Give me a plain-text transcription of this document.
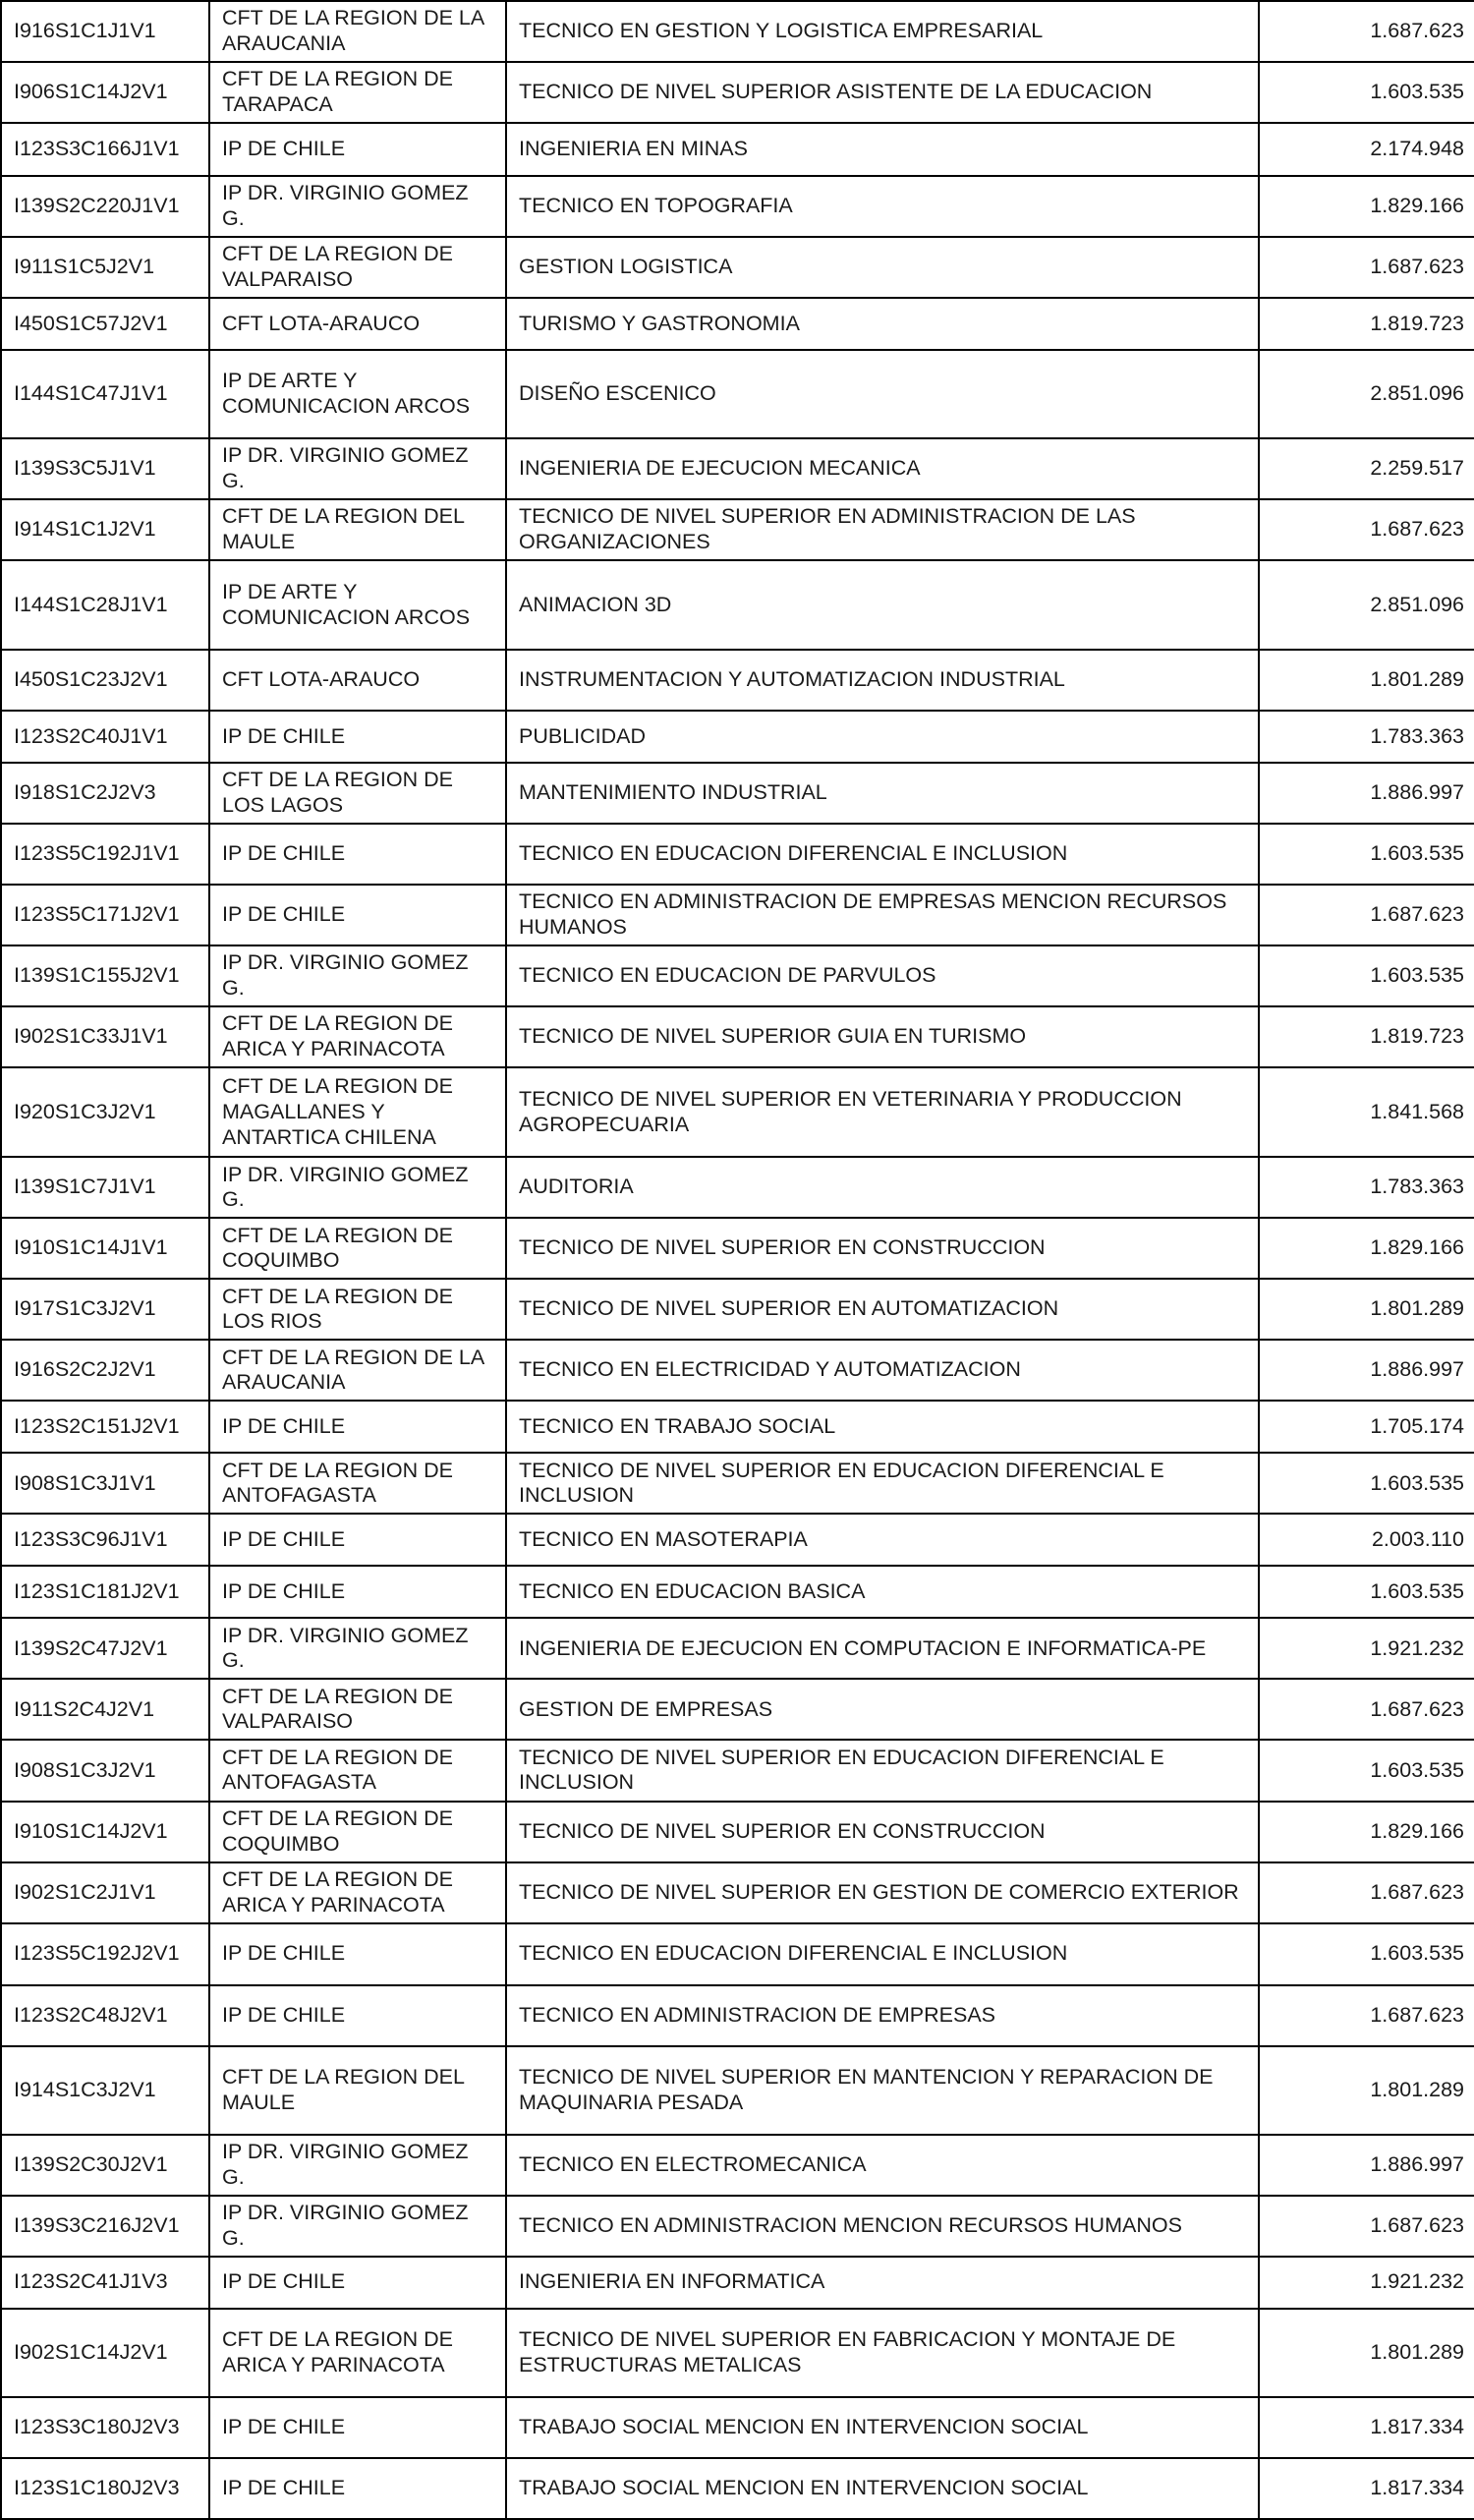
I916S1C1J1V1	CFT DE LA REGION DE LA ARAUCANIA	TECNICO EN GESTION Y LOGISTICA EMPRESARIAL	1.687.623
I906S1C14J2V1	CFT DE LA REGION DE TARAPACA	TECNICO DE NIVEL SUPERIOR ASISTENTE DE LA EDUCACION	1.603.535
I123S3C166J1V1	IP DE CHILE	INGENIERIA EN MINAS	2.174.948
I139S2C220J1V1	IP DR. VIRGINIO GOMEZ G.	TECNICO EN TOPOGRAFIA	1.829.166
I911S1C5J2V1	CFT DE LA REGION DE VALPARAISO	GESTION LOGISTICA	1.687.623
I450S1C57J2V1	CFT LOTA-ARAUCO	TURISMO Y GASTRONOMIA	1.819.723
I144S1C47J1V1	IP DE ARTE Y COMUNICACION ARCOS	DISEÑO ESCENICO	2.851.096
I139S3C5J1V1	IP DR. VIRGINIO GOMEZ G.	INGENIERIA DE EJECUCION MECANICA	2.259.517
I914S1C1J2V1	CFT DE LA REGION DEL MAULE	TECNICO DE NIVEL SUPERIOR EN ADMINISTRACION DE LAS ORGANIZACIONES	1.687.623
I144S1C28J1V1	IP DE ARTE Y COMUNICACION ARCOS	ANIMACION 3D	2.851.096
I450S1C23J2V1	CFT LOTA-ARAUCO	INSTRUMENTACION Y AUTOMATIZACION INDUSTRIAL	1.801.289
I123S2C40J1V1	IP DE CHILE	PUBLICIDAD	1.783.363
I918S1C2J2V3	CFT DE LA REGION DE LOS LAGOS	MANTENIMIENTO INDUSTRIAL	1.886.997
I123S5C192J1V1	IP DE CHILE	TECNICO EN EDUCACION DIFERENCIAL E INCLUSION	1.603.535
I123S5C171J2V1	IP DE CHILE	TECNICO EN ADMINISTRACION DE EMPRESAS MENCION RECURSOS HUMANOS	1.687.623
I139S1C155J2V1	IP DR. VIRGINIO GOMEZ G.	TECNICO EN EDUCACION DE PARVULOS	1.603.535
I902S1C33J1V1	CFT DE LA REGION DE ARICA Y PARINACOTA	TECNICO DE NIVEL SUPERIOR GUIA EN TURISMO	1.819.723
I920S1C3J2V1	CFT DE LA REGION DE MAGALLANES Y ANTARTICA CHILENA	TECNICO DE NIVEL SUPERIOR EN VETERINARIA Y PRODUCCION AGROPECUARIA	1.841.568
I139S1C7J1V1	IP DR. VIRGINIO GOMEZ G.	AUDITORIA	1.783.363
I910S1C14J1V1	CFT DE LA REGION DE COQUIMBO	TECNICO DE NIVEL SUPERIOR EN CONSTRUCCION	1.829.166
I917S1C3J2V1	CFT DE LA REGION DE LOS RIOS	TECNICO DE NIVEL SUPERIOR EN AUTOMATIZACION	1.801.289
I916S2C2J2V1	CFT DE LA REGION DE LA ARAUCANIA	TECNICO EN ELECTRICIDAD Y AUTOMATIZACION	1.886.997
I123S2C151J2V1	IP DE CHILE	TECNICO EN TRABAJO SOCIAL	1.705.174
I908S1C3J1V1	CFT DE LA REGION DE ANTOFAGASTA	TECNICO DE NIVEL SUPERIOR EN EDUCACION DIFERENCIAL E INCLUSION	1.603.535
I123S3C96J1V1	IP DE CHILE	TECNICO EN MASOTERAPIA	2.003.110
I123S1C181J2V1	IP DE CHILE	TECNICO EN EDUCACION BASICA	1.603.535
I139S2C47J2V1	IP DR. VIRGINIO GOMEZ G.	INGENIERIA DE EJECUCION EN COMPUTACION E INFORMATICA-PE	1.921.232
I911S2C4J2V1	CFT DE LA REGION DE VALPARAISO	GESTION DE EMPRESAS	1.687.623
I908S1C3J2V1	CFT DE LA REGION DE ANTOFAGASTA	TECNICO DE NIVEL SUPERIOR EN EDUCACION DIFERENCIAL E INCLUSION	1.603.535
I910S1C14J2V1	CFT DE LA REGION DE COQUIMBO	TECNICO DE NIVEL SUPERIOR EN CONSTRUCCION	1.829.166
I902S1C2J1V1	CFT DE LA REGION DE ARICA Y PARINACOTA	TECNICO DE NIVEL SUPERIOR EN GESTION DE COMERCIO EXTERIOR	1.687.623
I123S5C192J2V1	IP DE CHILE	TECNICO EN EDUCACION DIFERENCIAL E INCLUSION	1.603.535
I123S2C48J2V1	IP DE CHILE	TECNICO EN ADMINISTRACION DE EMPRESAS	1.687.623
I914S1C3J2V1	CFT DE LA REGION DEL MAULE	TECNICO DE NIVEL SUPERIOR EN MANTENCION Y REPARACION DE MAQUINARIA PESADA	1.801.289
I139S2C30J2V1	IP DR. VIRGINIO GOMEZ G.	TECNICO EN ELECTROMECANICA	1.886.997
I139S3C216J2V1	IP DR. VIRGINIO GOMEZ G.	TECNICO EN ADMINISTRACION MENCION RECURSOS HUMANOS	1.687.623
I123S2C41J1V3	IP DE CHILE	INGENIERIA EN INFORMATICA	1.921.232
I902S1C14J2V1	CFT DE LA REGION DE ARICA Y PARINACOTA	TECNICO DE NIVEL SUPERIOR EN FABRICACION Y MONTAJE DE ESTRUCTURAS METALICAS	1.801.289
I123S3C180J2V3	IP DE CHILE	TRABAJO SOCIAL MENCION EN INTERVENCION SOCIAL	1.817.334
I123S1C180J2V3	IP DE CHILE	TRABAJO SOCIAL MENCION EN INTERVENCION SOCIAL	1.817.334
